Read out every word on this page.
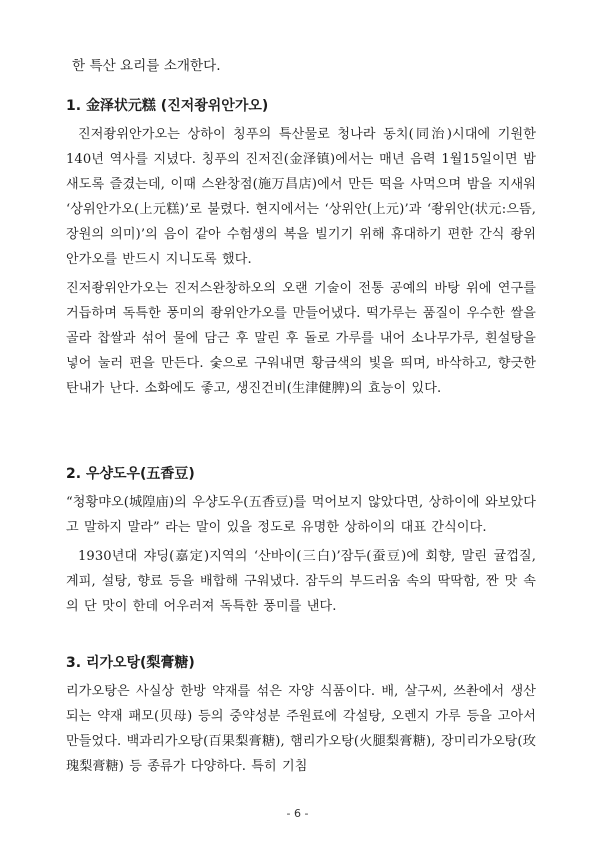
한 특산 요리를 소개한다.

1. 金泽状元糕 (진저좡위안가오)

진저좡위안가오는 상하이 칭푸의 특산물로 청나라 동치(同治)시대에 기원한 140년 역사를 지녔다. 칭푸의 진저진(金泽镇)에서는 매년 음력 1월15일이면 밤새도록 즐겼는데, 이때 스완창점(施万昌店)에서 만든 떡을 사먹으며 밤을 지새워 ‘상위안가오(上元糕)’로 불렸다. 현지에서는 ‘상위안(上元)’과 ‘좡위안(状元:으뜸, 장원의 의미)’의 음이 같아 수험생의 복을 빌기기 위해 휴대하기 편한 간식 좡위안가오를 반드시 지니도록 했다.

진저좡위안가오는 진저스완창하오의 오랜 기술이 전통 공예의 바탕 위에 연구를 거듭하며 독특한 풍미의 좡위안가오를 만들어냈다. 떡가루는 품질이 우수한 쌀을 골라 찹쌀과 섞어 물에 담근 후 말린 후 돌로 가루를 내어 소나무가루, 흰설탕을 넣어 눌러 편을 만든다. 숯으로 구워내면 황금색의 빛을 띄며, 바삭하고, 향긋한 탄내가 난다. 소화에도 좋고, 생진건비(生津健脾)의 효능이 있다.

2. 우샹도우(五香豆)

“청황먀오(城隍庙)의 우샹도우(五香豆)를 먹어보지 않았다면, 상하이에 와보았다고 말하지 말라” 라는 말이 있을 정도로 유명한 상하이의 대표 간식이다.

1930년대 쟈딩(嘉定)지역의 ‘산바이(三白)’잠두(蚕豆)에 회향, 말린 귤껍질, 계피, 설탕, 향료 등을 배합해 구워냈다. 잠두의 부드러움 속의 딱딱함, 짠 맛 속의 단 맛이 한데 어우러져 독특한 풍미를 낸다.

3. 리가오탕(梨膏糖)

리가오탕은 사실상 한방 약재를 섞은 자양 식품이다. 배, 살구씨, 쓰촨에서 생산되는 약재 패모(贝母) 등의 중약성분 주원료에 각설탕, 오렌지 가루 등을 고아서 만들었다. 백과리가오탕(百果梨膏糖), 햄리가오탕(火腿梨膏糖), 장미리가오탕(玫瑰梨膏糖) 등 종류가 다양하다. 특히 기침

- 6 -
